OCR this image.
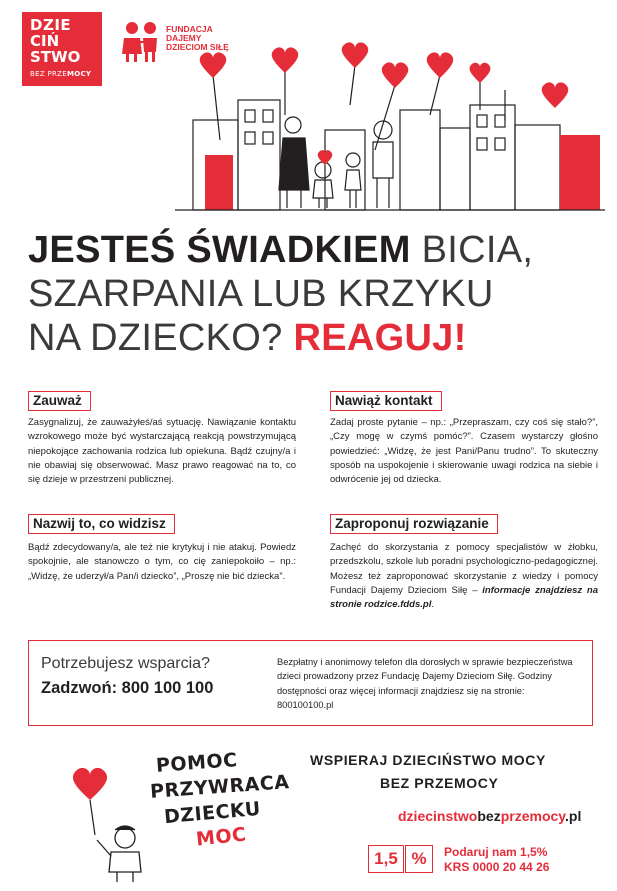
DZIE
CIŃ
STWO
BEZ PRZEMOCY
FUNDACJA DAJEMY DZIECIOM SIŁĘ
JESTEŚ ŚWIADKIEM BICIA,
SZARPANIA LUB KRZYKU
NA DZIECKO? REAGUJ!
Zauważ
Zasygnalizuj, że zauważyłeś/aś sytuację. Nawiązanie kontaktu wzrokowego może być wystarczającą reakcją powstrzymującą niepokojące zachowania rodzica lub opiekuna. Bądź czujny/a i nie obawiaj się obserwować. Masz prawo reagować na to, co się dzieje w przestrzeni publicznej.
Nawiąż kontakt
Zadaj proste pytanie – np.: „Przepraszam, czy coś się stało?”, „Czy mogę w czymś pomóc?”. Czasem wystarczy głośno powiedzieć: „Widzę, że jest Pani/Panu trudno”. To skuteczny sposób na uspokojenie i skierowanie uwagi rodzica na siebie i odwrócenie jej od dziecka.
Nazwij to, co widzisz
Bądź zdecydowany/a, ale też nie krytykuj i nie atakuj. Powiedz spokojnie, ale stanowczo o tym, co cię zaniepokoiło – np.: „Widzę, że uderzył/a Pan/i dziecko”, „Proszę nie bić dziecka”.
Zaproponuj rozwiązanie
Zachęć do skorzystania z pomocy specjalistów w żłobku, przedszkolu, szkole lub poradni psychologiczno-pedagogicznej. Możesz też zaproponować skorzystanie z wiedzy i pomocy Fundacji Dajemy Dzieciom Siłę – informacje znajdziesz na stronie rodzice.fdds.pl.
Potrzebujesz wsparcia?
Zadzwoń: 800 100 100
Bezpłatny i anonimowy telefon dla dorosłych w sprawie bezpieczeństwa dzieci prowadzony przez Fundację Dajemy Dzieciom Siłę. Godziny dostępności oraz więcej informacji znajdziesz się na stronie: 800100100.pl
POMOC
PRZYWRACA
DZIECKU
MOC
WSPIERAJ DZIECIŃSTWO MOCY
BEZ PRZEMOCY
dziecinstwobezprzemocy.pl
1,5 %	Podaruj nam 1,5%
KRS 0000 20 44 26
